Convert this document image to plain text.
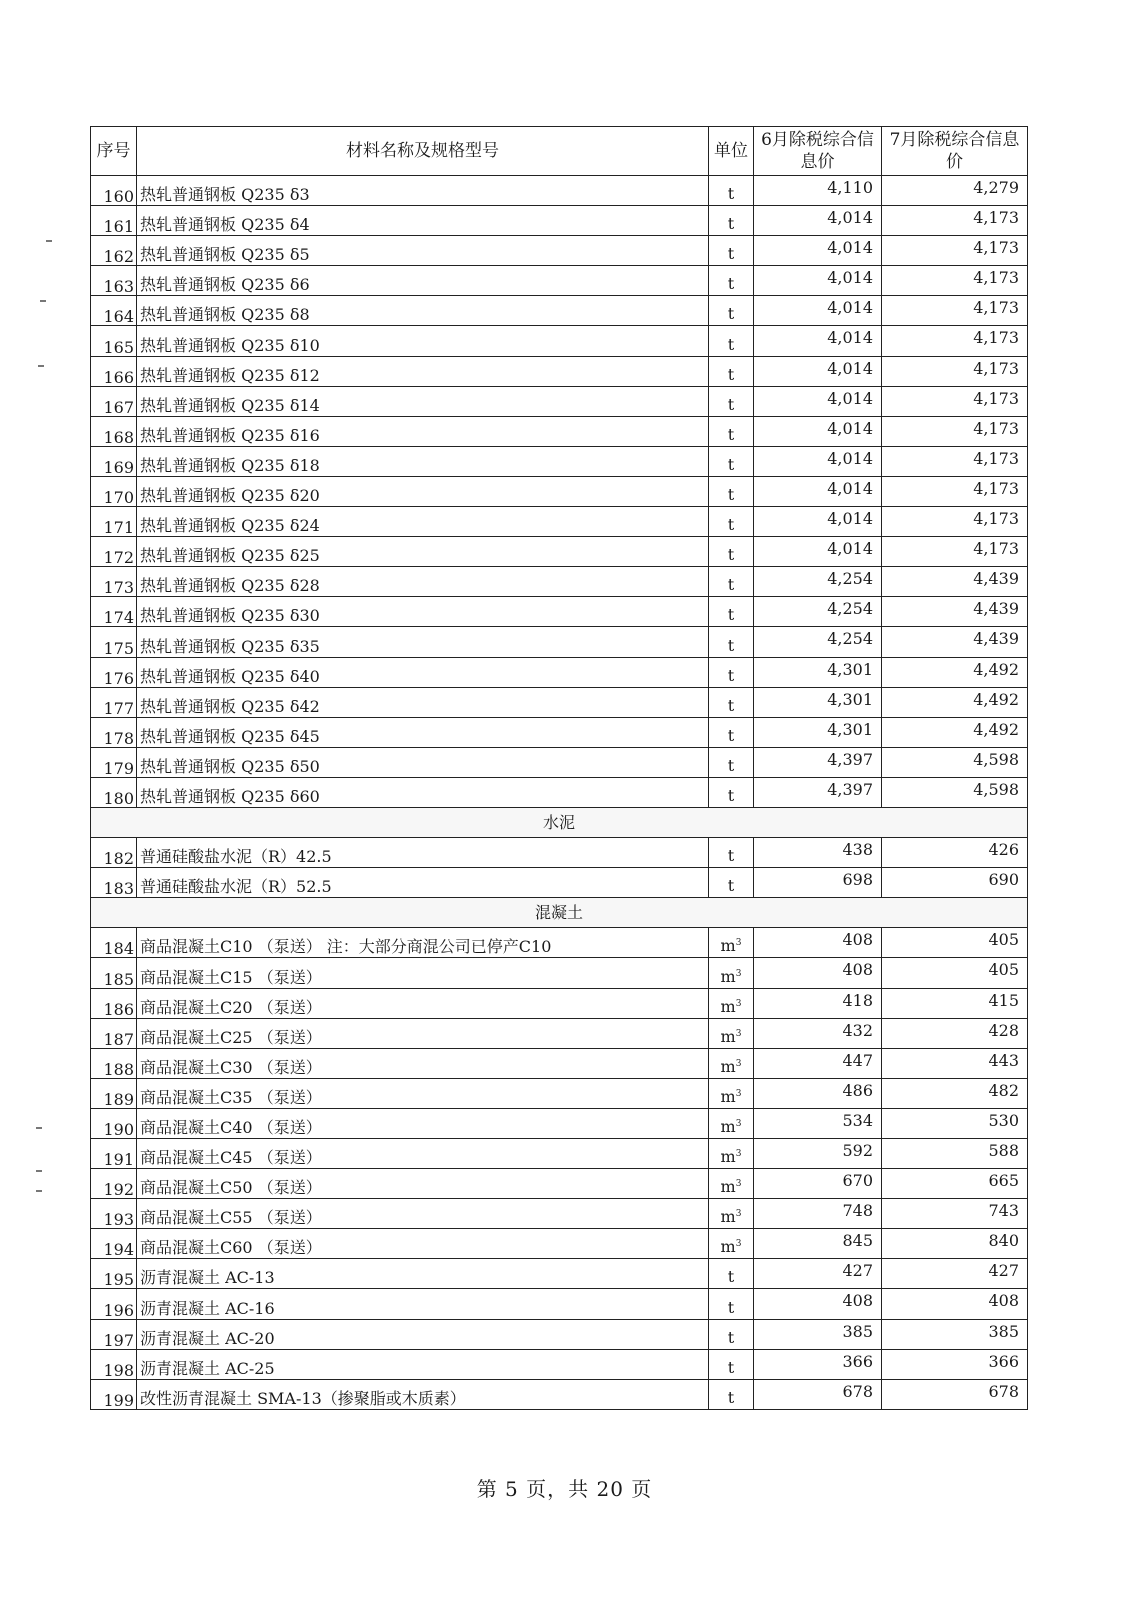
序号	材料名称及规格型号	单位	6月除税综合信息价	7月除税综合信息价
160	热轧普通钢板 Q235 δ3	t	4,110	4,279
161	热轧普通钢板 Q235 δ4	t	4,014	4,173
162	热轧普通钢板 Q235 δ5	t	4,014	4,173
163	热轧普通钢板 Q235 δ6	t	4,014	4,173
164	热轧普通钢板 Q235 δ8	t	4,014	4,173
165	热轧普通钢板 Q235 δ10	t	4,014	4,173
166	热轧普通钢板 Q235 δ12	t	4,014	4,173
167	热轧普通钢板 Q235 δ14	t	4,014	4,173
168	热轧普通钢板 Q235 δ16	t	4,014	4,173
169	热轧普通钢板 Q235 δ18	t	4,014	4,173
170	热轧普通钢板 Q235 δ20	t	4,014	4,173
171	热轧普通钢板 Q235 δ24	t	4,014	4,173
172	热轧普通钢板 Q235 δ25	t	4,014	4,173
173	热轧普通钢板 Q235 δ28	t	4,254	4,439
174	热轧普通钢板 Q235 δ30	t	4,254	4,439
175	热轧普通钢板 Q235 δ35	t	4,254	4,439
176	热轧普通钢板 Q235 δ40	t	4,301	4,492
177	热轧普通钢板 Q235 δ42	t	4,301	4,492
178	热轧普通钢板 Q235 δ45	t	4,301	4,492
179	热轧普通钢板 Q235 δ50	t	4,397	4,598
180	热轧普通钢板 Q235 δ60	t	4,397	4,598
水泥				
182	普通硅酸盐水泥（R）42.5	t	438	426
183	普通硅酸盐水泥（R）52.5	t	698	690
混凝土				
184	商品混凝土C10 （泵送） 注：大部分商混公司已停产C10	$m^3$	408	405
185	商品混凝土C15 （泵送）	$m^3$	408	405
186	商品混凝土C20 （泵送）	$m^3$	418	415
187	商品混凝土C25 （泵送）	$m^3$	432	428
188	商品混凝土C30 （泵送）	$m^3$	447	443
189	商品混凝土C35 （泵送）	$m^3$	486	482
190	商品混凝土C40 （泵送）	$m^3$	534	530
191	商品混凝土C45 （泵送）	$m^3$	592	588
192	商品混凝土C50 （泵送）	$m^3$	670	665
193	商品混凝土C55 （泵送）	$m^3$	748	743
194	商品混凝土C60 （泵送）	$m^3$	845	840
195	沥青混凝土 AC-13	t	427	427
196	沥青混凝土 AC-16	t	408	408
197	沥青混凝土 AC-20	t	385	385
198	沥青混凝土 AC-25	t	366	366
199	改性沥青混凝土 SMA-13（掺聚脂或木质素）	t	678	678
第 5 页，共 20 页
